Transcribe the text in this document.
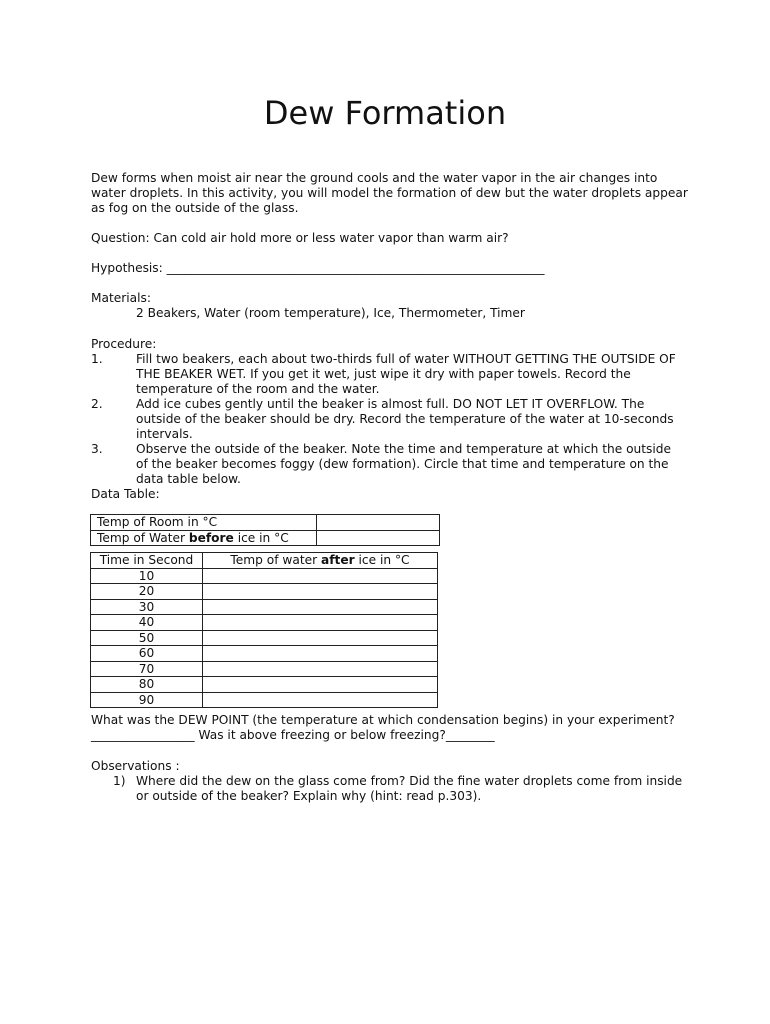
Dew Formation

Dew forms when moist air near the ground cools and the water vapor in the air changes into water droplets. In this activity, you will model the formation of dew but the water droplets appear as fog on the outside of the glass.

Question: Can cold air hold more or less water vapor than warm air?

Hypothesis: ______________________________________________________________

Materials:

2 Beakers, Water (room temperature), Ice, Thermometer, Timer

Procedure:

1.	Fill two beakers, each about two-thirds full of water WITHOUT GETTING THE OUTSIDE OF THE BEAKER WET. If you get it wet, just wipe it dry with paper towels. Record the temperature of the room and the water.
2.	Add ice cubes gently until the beaker is almost full. DO NOT LET IT OVERFLOW. The outside of the beaker should be dry. Record the temperature of the water at 10-seconds intervals.
3.	Observe the outside of the beaker. Note the time and temperature at which the outside of the beaker becomes foggy (dew formation). Circle that time and temperature on the data table below.

Data Table:

Temp of Room in °C	
Temp of Water before ice in °C	
Time in Second	Temp of water after ice in °C
10	
20	
30	
40	
50	
60	
70	
80	
90	

What was the DEW POINT (the temperature at which condensation begins) in your experiment?_________________ Was it above freezing or below freezing?________

Observations :

1) Where did the dew on the glass come from? Did the fine water droplets come from inside or outside of the beaker? Explain why (hint: read p.303).
